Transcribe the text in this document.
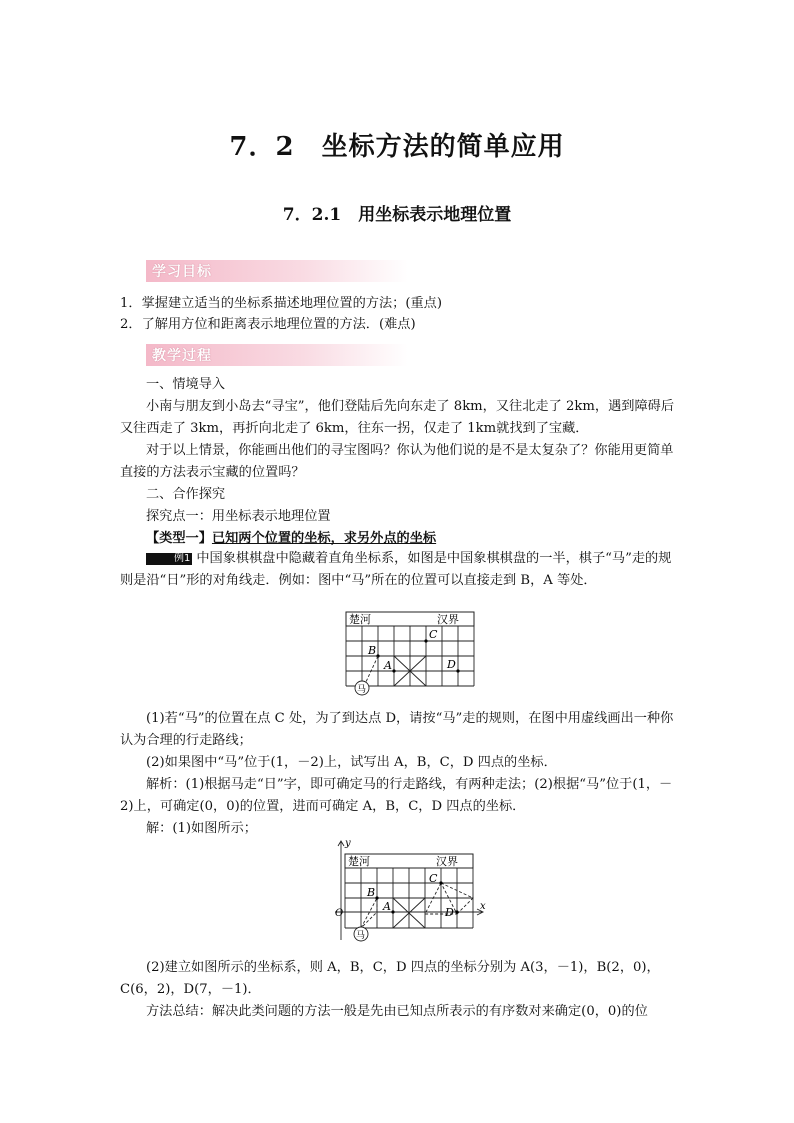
7．2　坐标方法的简单应用
7．2.1　用坐标表示地理位置
学习目标
1．掌握建立适当的坐标系描述地理位置的方法；(重点)
2．了解用方位和距离表示地理位置的方法．(难点)
教学过程
一、情境导入
小南与朋友到小岛去“寻宝”，他们登陆后先向东走了 8km，又往北走了 2km，遇到障碍后又往西走了 3km，再折向北走了 6km，往东一拐，仅走了 1km就找到了宝藏．
对于以上情景，你能画出他们的寻宝图吗？你认为他们说的是不是太复杂了？你能用更简单直接的方法表示宝藏的位置吗？
二、合作探究
探究点一：用坐标表示地理位置
【类型一】已知两个位置的坐标，求另外点的坐标
例1 中国象棋棋盘中隐藏着直角坐标系，如图是中国象棋棋盘的一半，棋子“马”走的规则是沿“日”形的对角线走．例如：图中“马”所在的位置可以直接走到 B，A 等处．
楚河	汉界
C
B
A	D
马
(1)若“马”的位置在点 C 处，为了到达点 D，请按“马”走的规则，在图中用虚线画出一种你认为合理的行走路线；
(2)如果图中“马”位于(1，－2)上，试写出 A，B，C，D 四点的坐标．
解析：(1)根据马走“日”字，即可确定马的行走路线，有两种走法；(2)根据“马”位于(1，－2)上，可确定(0，0)的位置，进而可确定 A，B，C，D 四点的坐标．
解：(1)如图所示；
y
x
O
楚河	汉界
C
B
A	D
马
(2)建立如图所示的坐标系，则 A，B，C，D 四点的坐标分别为 A(3，－1)，B(2，0)，C(6，2)，D(7，－1)．
方法总结：解决此类问题的方法一般是先由已知点所表示的有序数对来确定(0，0)的位
